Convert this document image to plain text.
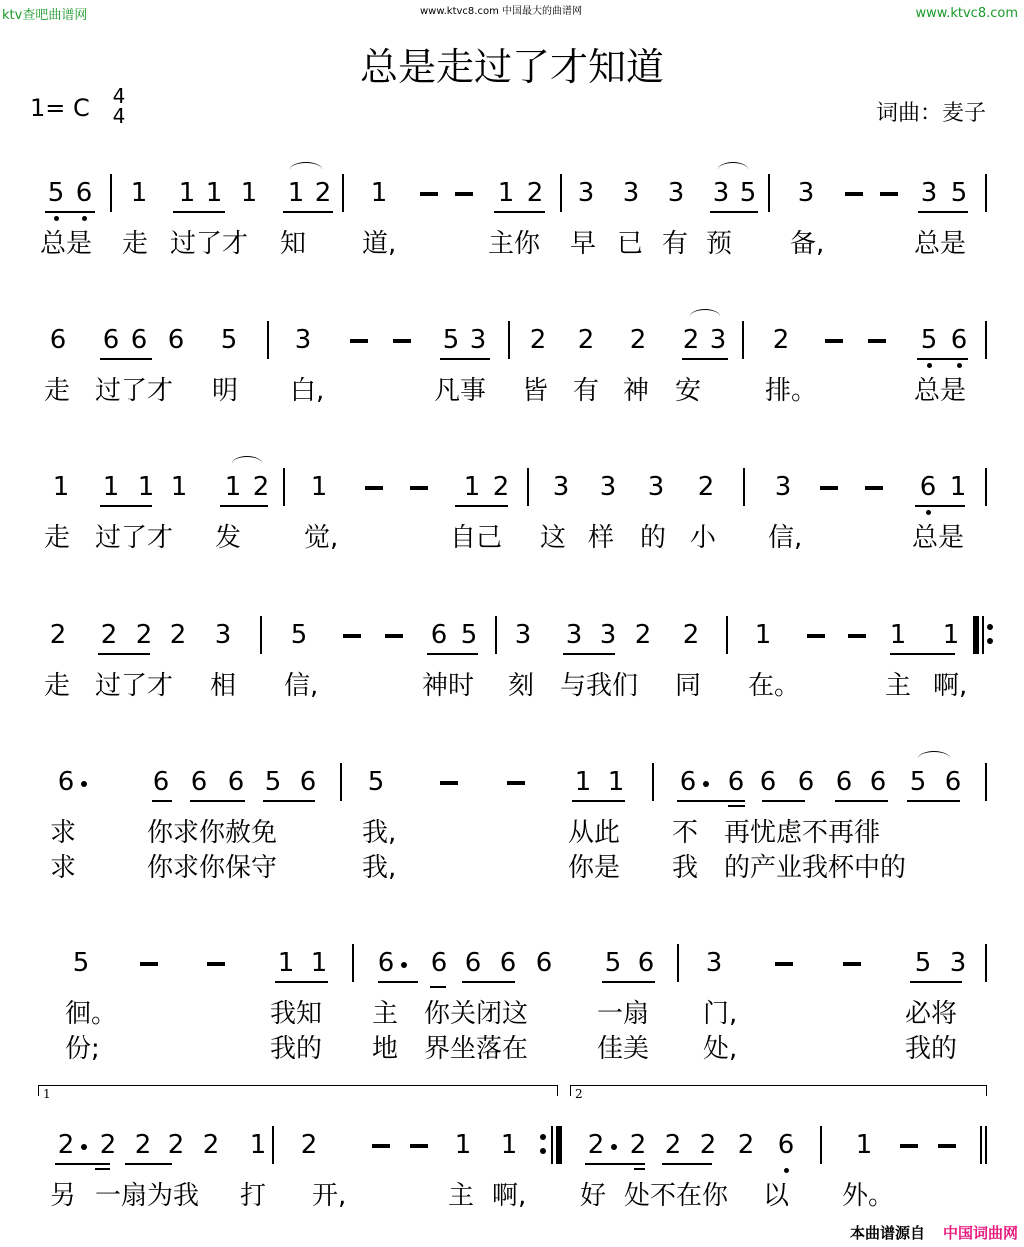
ktv查吧曲谱网	www.ktvc8.com 中国最大的曲谱网	www.ktvc8.com
总是走过了才知道
1= C 4
4	词曲：麦子
5 6 1 1 1 1 1 2 1	1 2 3 3 3 3 5 3	3 5
总是 走 过了才 知 道,	主你 早 已 有 预 备,	总是
6 6 6 6 5 3	5 3 2 2 2 2 3 2	5 6
走 过了才 明 白,	凡事 皆 有 神 安 排。	总是
1 1 1 1 1 2 1	1 2 3 3 3 2 3	6 1
走 过了才 发 觉,	自己 这 样 的 小 信,	总是
2 2 2 2 3 5	6 5 3 3 3 2 2 1	1 1
走 过了才 相 信,	神时 刻 与我们 同 在。	主 啊,
6	6 6 6 5 6 5	1 1 6 6 6 6 6 6 5 6
求	你求你赦免	我,	从此 不 再忧虑不再徘
求	你求你保守	我,	你是 我 的产业我杯中的
5	1 1 6 6 6 6 6 5 6 3	5 3
徊。	我知 主 你关闭这	一扇 门,	必将
份;	我的 地 界坐落在	佳美 处,	我的
2 2 2 2 2 1 2	1 1	2 2 2 2 2 6 1
另 一扇为我 打 开,	主 啊, 好 处不在你 以 外。
1	2
本曲谱源自 中国词曲网
